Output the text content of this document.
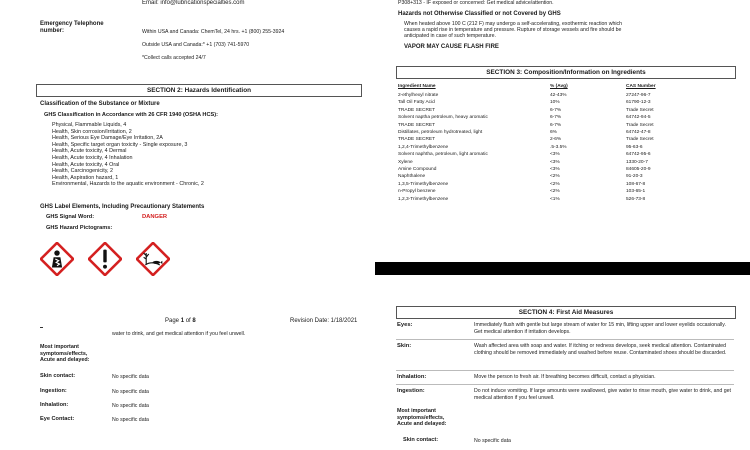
Email: info@lubricationspecialties.com
Emergency Telephone
number:	Within USA and Canada: ChemTel, 24 hrs. +1 (800) 255-3924
Outside USA and Canada:* +1 (703) 741-5970
*Collect calls accepted 24/7
P308+313 - IF exposed or concerned: Get medical advice/attention.
Hazards not Otherwise Classified or not Covered by GHS
When heated above 100 C (212 F) may undergo a self-accelerating, exothermic reaction which
causes a rapid rise in temperature and pressure. Rupture of storage vessels and fire should be
anticipated in case of such temperature.
VAPOR MAY CAUSE FLASH FIRE
SECTION 2: Hazards Identification
Classification of the Substance or Mixture
GHS Classification in Accordance with 26 CFR 1940 (OSHA HCS):
Physical, Flammable Liquids, 4
Health, Skin corrosion/Irritation, 2
Health, Serious Eye Damage/Eye Irritation, 2A
Health, Specific target organ toxicity - Single exposure, 3
Health, Acute toxicity, 4 Dermal
Health, Acute toxicity, 4 Inhalation
Health, Acute toxicity, 4 Oral
Health, Carcinogenicity, 2
Health, Aspiration hazard, 1
Environmental, Hazards to the aquatic environment - Chronic, 2
GHS Label Elements, Including Precautionary Statements
GHS Signal Word:	DANGER
GHS Hazard Pictograms:
Page 1 of 8	Revision Date: 1/18/2021
water to drink, and get medical attention if you feel unwell.
Most important
symptoms/effects,
Acute and delayed:
Skin contact:	No specific data
Ingestion:	No specific data
Inhalation:	No specific data
Eye Contact:	No specific data
SECTION 3: Composition/Information on Ingredients
Ingredient Name	% (Avg)	CAS Number
2-ethylhexyl nitrate	42-43%	27247-96-7
Tall Oil Fatty Acid	10%	61790-12-3
TRADE SECRET	6-7%	Trade Secret
Solvent naptha petroleum, heavy aromatic	6-7%	64742-94-5
TRADE SECRET	6-7%	Trade Secret
Distillates, petroleum hydrotreated, light	6%	64742-47-8
TRADE SECRET	2-6%	Trade Secret
1,2,4-Trimethylbenzene	.5-3.5%	95-63-6
Solvent naphtha, petroleum, light aromatic	<3%	64742-95-6
Xylene	<3%	1330-20-7
Amine Compound	<3%	84605-20-9
Naphthalene	<2%	91-20-3
1,3,5-Trimethylbenzene	<2%	108-67-8
n-Propyl benzene	<2%	103-65-1
1,2,3-Trimethylbenzene	<1%	526-73-8
SECTION 4: First Aid Measures
Eyes:	Immediately flush with gentle but large stream of water for 15 min, lifting upper and lower eyelids occasionally. Get medical attention if irritation develops.
Skin:	Wash affected area with soap and water. If itching or redness develops, seek medical attention. Contaminated clothing should be removed immediately and washed before reuse. Contaminated shoes should be discarded.
Inhalation:	Move the person to fresh air. If breathing becomes difficult, contact a physician.
Ingestion:	Do not induce vomiting. If large amounts were swallowed, give water to rinse mouth, give water to drink, and get medical attention if you feel unwell.
Most important
symptoms/effects,
Acute and delayed:
Skin contact:	No specific data
